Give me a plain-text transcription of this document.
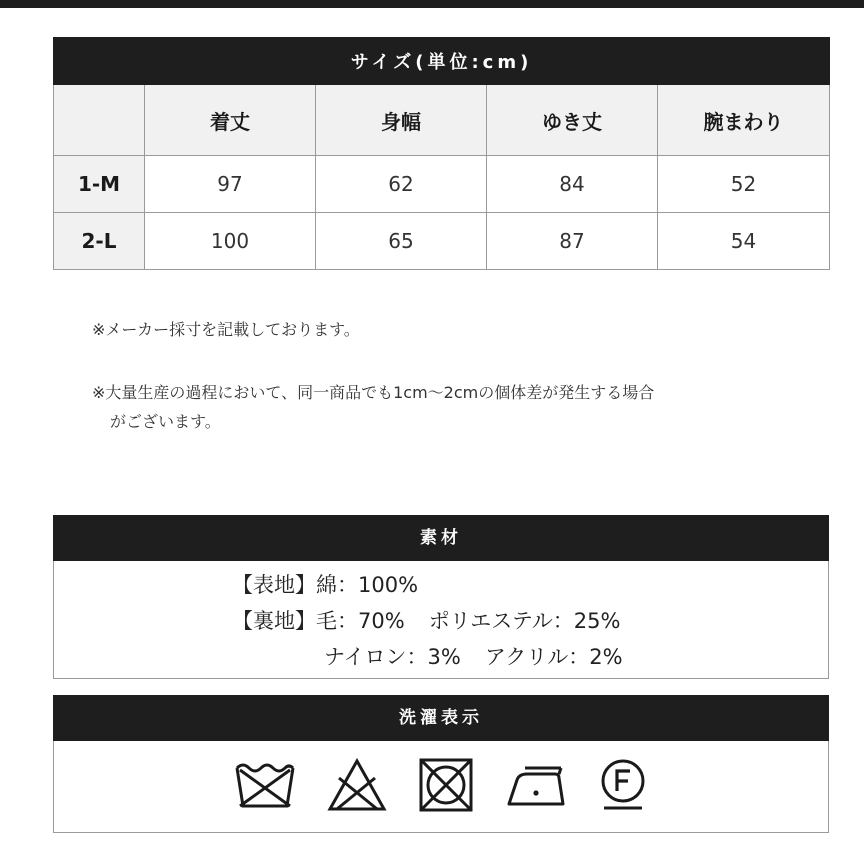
サイズ(単位:cm)				
	着丈	身幅	ゆき丈	腕まわり
1-M	97	62	84	52
2-L	100	65	87	54
※メーカー採寸を記載しております。
※大量生産の過程において、同一商品でも1cm〜2cmの個体差が発生する場合
がございます。
素材
【表地】綿：100%
【裏地】毛：70% ポリエステル：25%
ナイロン：3% アクリル：2%
洗濯表示
